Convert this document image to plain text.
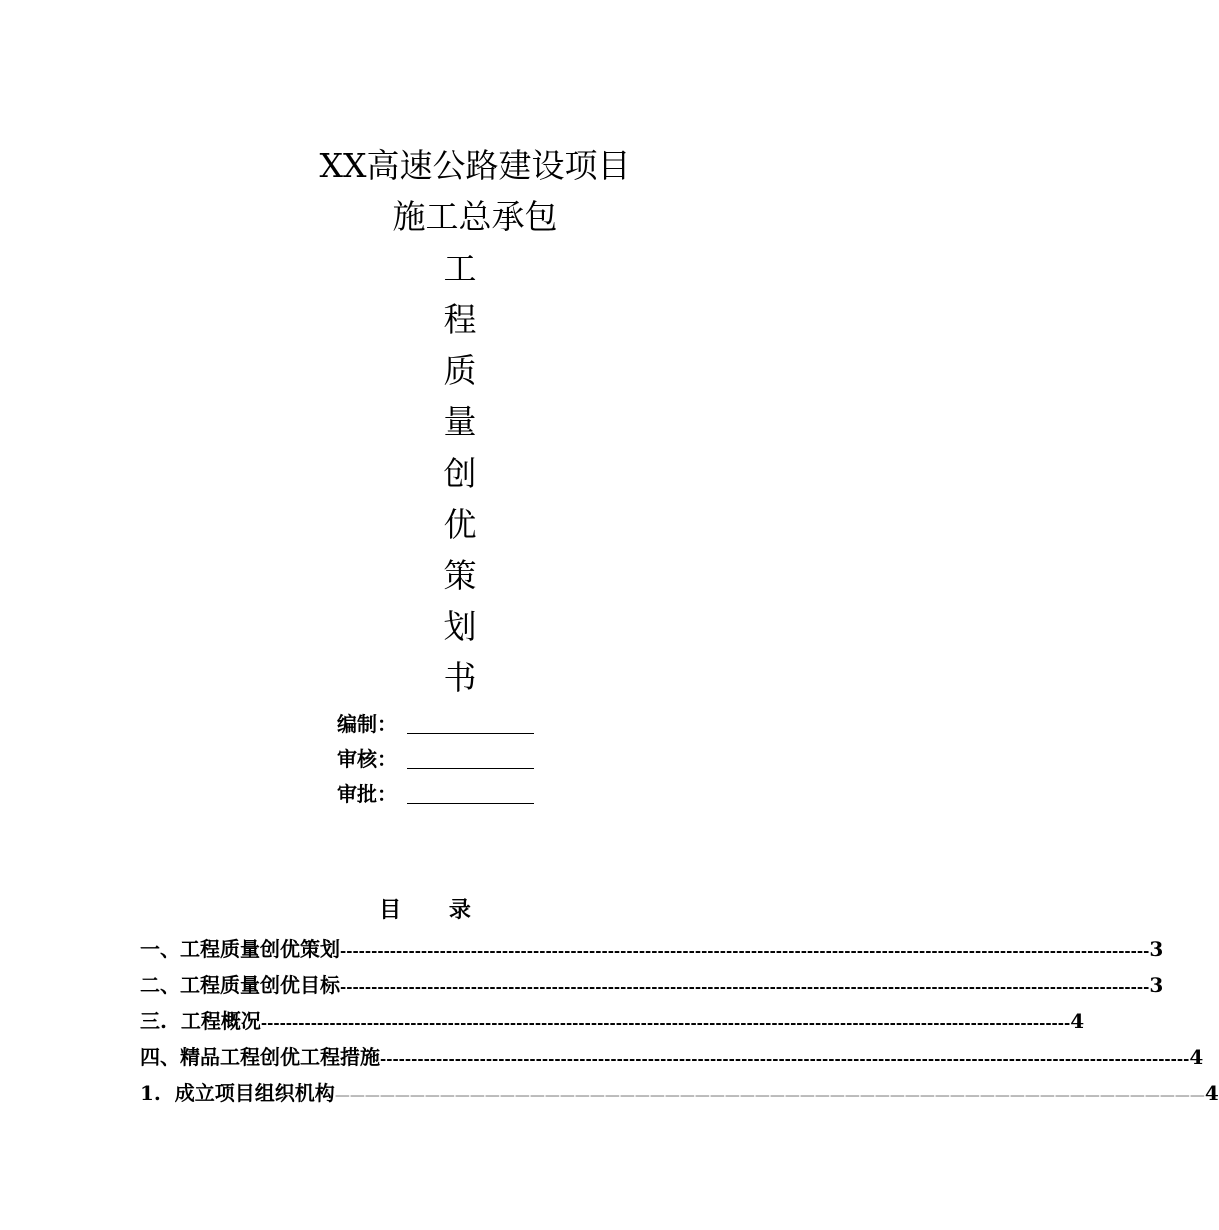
XX高速公路建设项目
施工总承包
工
程
质
量
创
优
策
划
书
编制：
审核：
审批：
目 录
一、工程质量创优策划 ---------------------------------------------------------------------------------------------------------------------------------- 3
二、工程质量创优目标 ---------------------------------------------------------------------------------------------------------------------------------- 3
三.  工程概况 ---------------------------------------------------------------------------------------------------------------------------------- 4
四、精品工程创优工程措施 ---------------------------------------------------------------------------------------------------------------------------------- 4
1.  成立项目组织机构 —————————————————————————————————————————————————————————— 4
